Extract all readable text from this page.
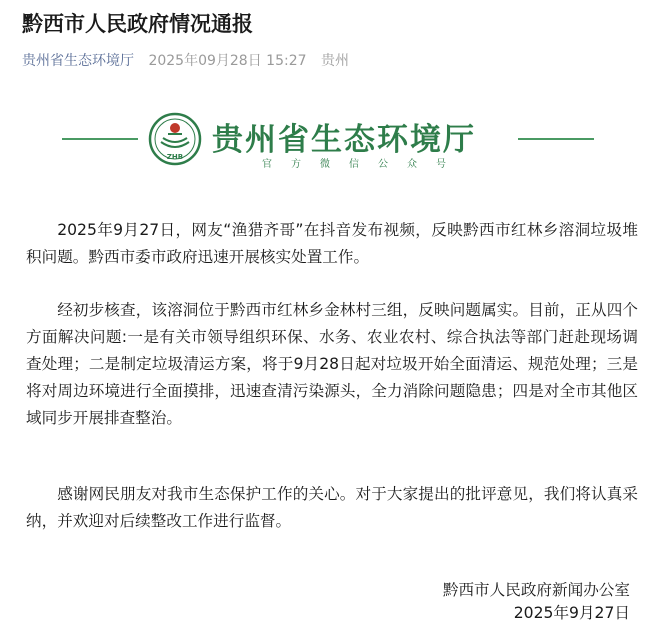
黔西市人民政府情况通报
贵州省生态环境厅 2025年09月28日 15:27 贵州
ZHB 贵州省生态环境厅
官方微信公众号

2025年9月27日，网友“渔猎齐哥”在抖音发布视频，反映黔西市红林乡溶洞垃圾堆积问题。黔西市委市政府迅速开展核实处置工作。

经初步核查，该溶洞位于黔西市红林乡金林村三组，反映问题属实。目前，正从四个方面解决问题:一是有关市领导组织环保、水务、农业农村、综合执法等部门赶赴现场调查处理；二是制定垃圾清运方案，将于9月28日起对垃圾开始全面清运、规范处理；三是将对周边环境进行全面摸排，迅速查清污染源头，全力消除问题隐患；四是对全市其他区域同步开展排查整治。

感谢网民朋友对我市生态保护工作的关心。对于大家提出的批评意见，我们将认真采纳，并欢迎对后续整改工作进行监督。

黔西市人民政府新闻办公室
2025年9月27日
